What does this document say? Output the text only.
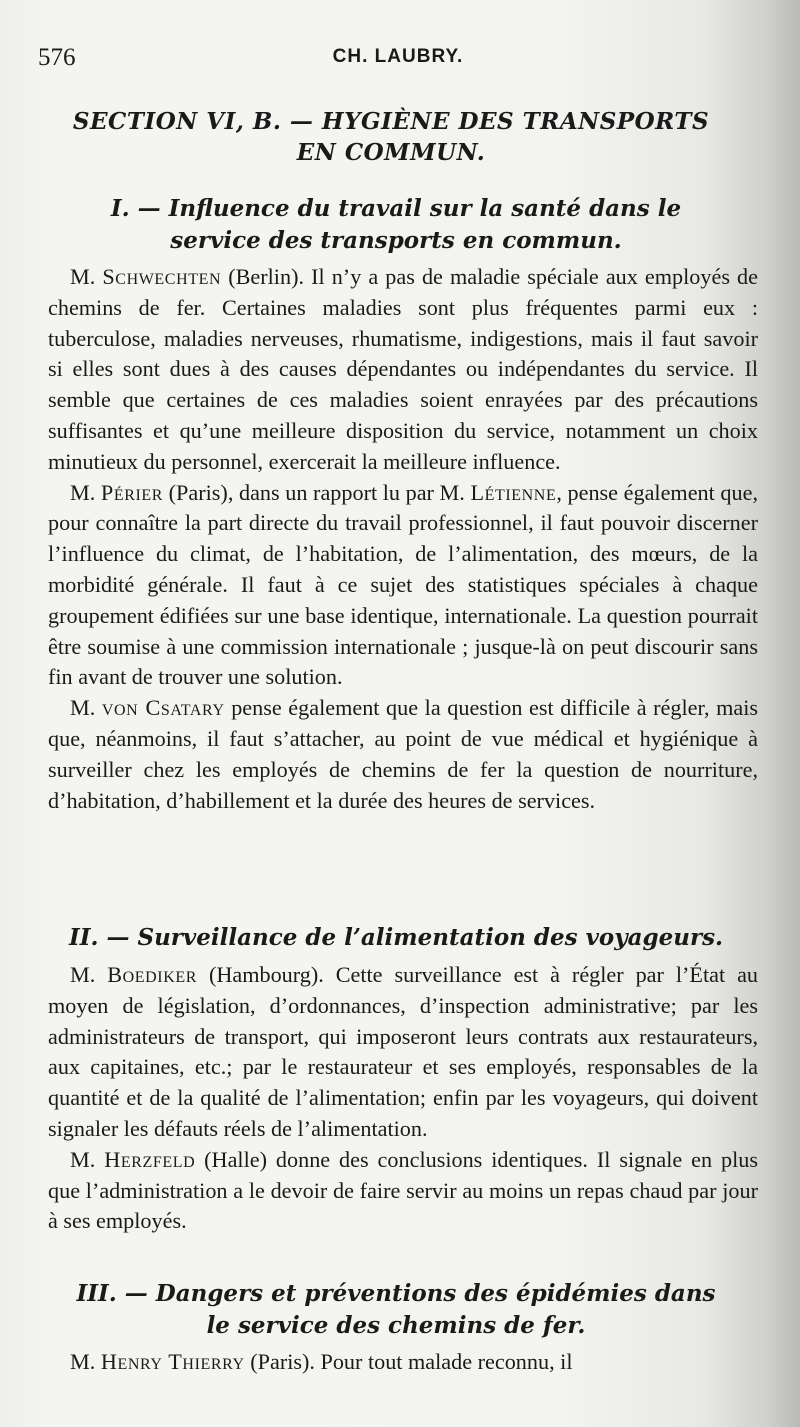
576	CH. LAUBRY.
SECTION VI, B. — HYGIÈNE DES TRANSPORTS
EN COMMUN.
I. — Influence du travail sur la santé dans le
service des transports en commun.

M. Schwechten (Berlin). Il n’y a pas de maladie spéciale aux employés de chemins de fer. Certaines maladies sont plus fréquentes parmi eux : tuberculose, maladies nerveuses, rhumatisme, indigestions, mais il faut savoir si elles sont dues à des causes dépendantes ou indépendantes du service. Il semble que certaines de ces maladies soient enrayées par des précautions suffisantes et qu’une meilleure disposition du service, notamment un choix minutieux du personnel, exercerait la meilleure influence.

M. Périer (Paris), dans un rapport lu par M. Létienne, pense également que, pour connaître la part directe du travail professionnel, il faut pouvoir discerner l’influence du climat, de l’habitation, de l’alimentation, des mœurs, de la morbidité générale. Il faut à ce sujet des statistiques spéciales à chaque groupement édifiées sur une base identique, internationale. La question pourrait être soumise à une commission internationale ; jusque-là on peut discourir sans fin avant de trouver une solution.

M. von Csatary pense également que la question est difficile à régler, mais que, néanmoins, il faut s’attacher, au point de vue médical et hygiénique à surveiller chez les employés de chemins de fer la question de nourriture, d’habitation, d’habillement et la durée des heures de services.

II. — Surveillance de l’alimentation des voyageurs.

M. Boediker (Hambourg). Cette surveillance est à régler par l’État au moyen de législation, d’ordonnances, d’inspection administrative; par les administrateurs de transport, qui imposeront leurs contrats aux restaurateurs, aux capitaines, etc.; par le restaurateur et ses employés, responsables de la quantité et de la qualité de l’alimentation; enfin par les voyageurs, qui doivent signaler les défauts réels de l’alimentation.

M. Herzfeld (Halle) donne des conclusions identiques. Il signale en plus que l’administration a le devoir de faire servir au moins un repas chaud par jour à ses employés.

III. — Dangers et préventions des épidémies dans
le service des chemins de fer.

M. Henry Thierry (Paris). Pour tout malade reconnu, il
